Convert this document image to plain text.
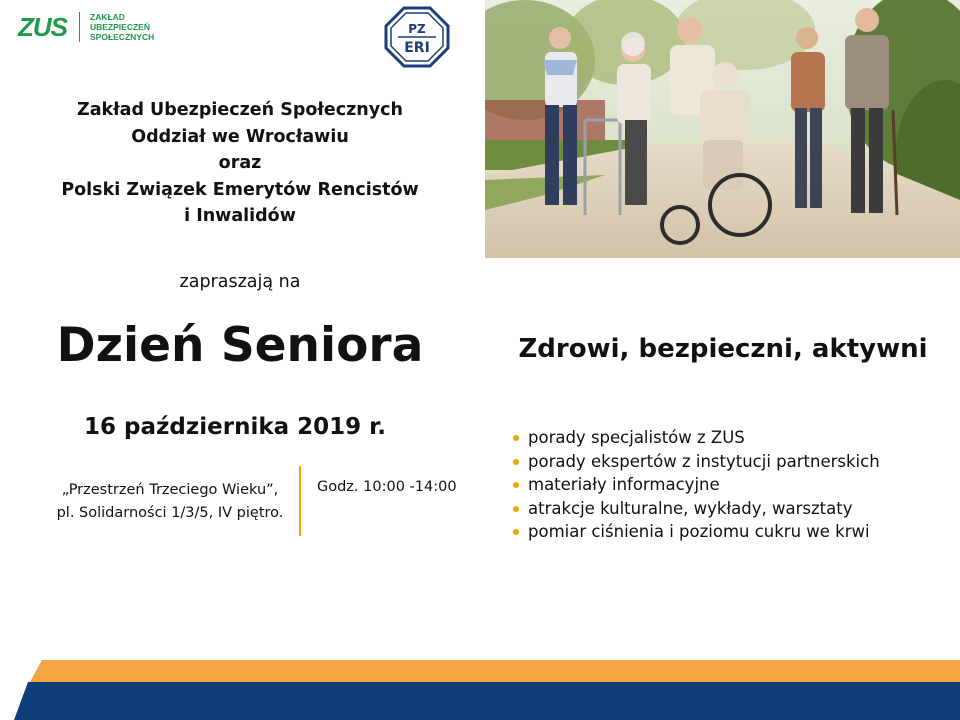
ZUS	ZAKŁAD
UBEZPIECZEŃ
SPOŁECZNYCH
PZ
ERI
Zakład Ubezpieczeń Społecznych
Oddział we Wrocławiu
oraz
Polski Związek Emerytów Rencistów
i Inwalidów
zapraszają na
Dzień Seniora
16 października 2019 r.
„Przestrzeń Trzeciego Wieku”,
pl. Solidarności 1/3/5, IV piętro.
Godz. 10:00 -14:00
Zdrowi, bezpieczni, aktywni
porady specjalistów z ZUS
porady ekspertów z instytucji partnerskich
materiały informacyjne
atrakcje kulturalne, wykłady, warsztaty
pomiar ciśnienia i poziomu cukru we krwi
